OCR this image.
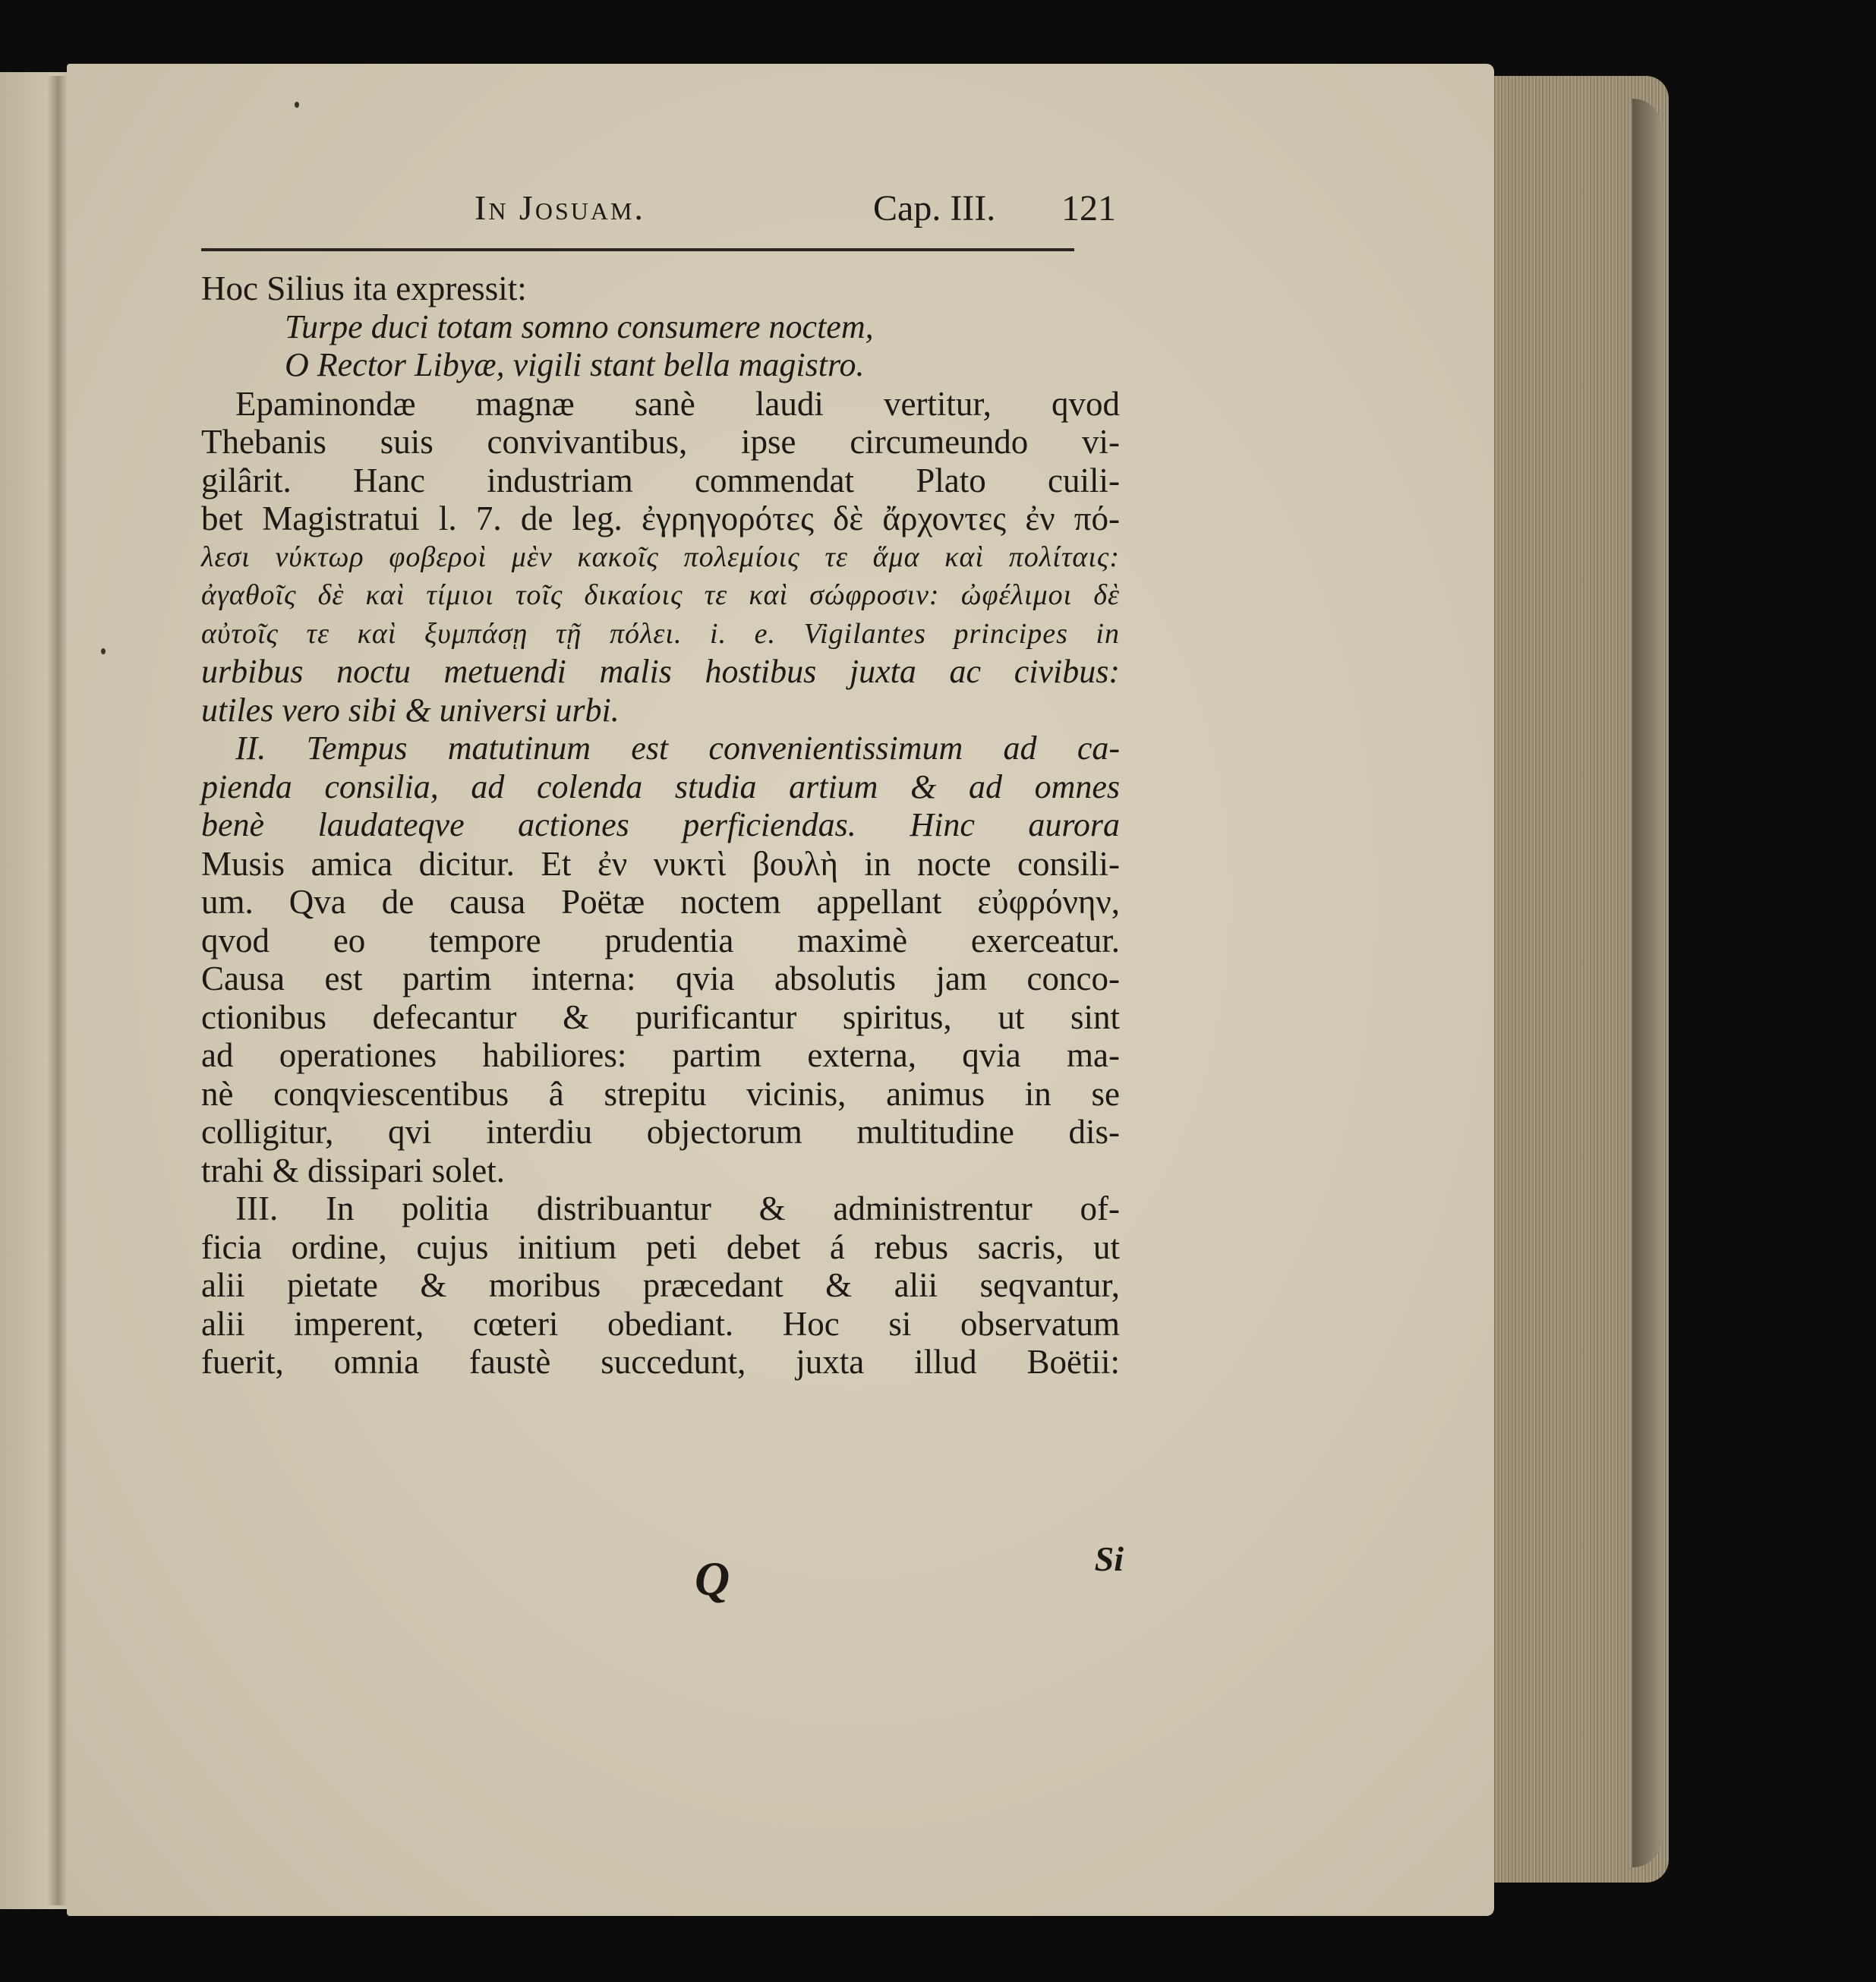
In Josuam.	Cap. III. 121
Hoc Silius ita expressit:
Turpe duci totam somno consumere noctem,
O Rector Libyæ, vigili stant bella magistro.
Epaminondæ magnæ sanè laudi vertitur, qvod
Thebanis suis convivantibus, ipse circumeundo vi-
gilârit. Hanc industriam commendat Plato cuili-
bet Magistratui l. 7. de leg. ἐγρηγορότες δὲ ἄρχοντες ἐν πό-
λεσι νύκτωρ φοβεροὶ μὲν κακοῖς πολεμίοις τε ἅμα καὶ πολίταις:
ἀγαθοῖς δὲ καὶ τίμιοι τοῖς δικαίοις τε καὶ σώφροσιν: ὠφέλιμοι δὲ
αὐτοῖς τε καὶ ξυμπάσῃ τῇ πόλει. i. e. Vigilantes principes in
urbibus noctu metuendi malis hostibus juxta ac civibus:
utiles vero sibi & universi urbi.
II. Tempus matutinum est convenientissimum ad ca-
pienda consilia, ad colenda studia artium & ad omnes
benè laudateqve actiones perficiendas. Hinc aurora
Musis amica dicitur. Et ἐν νυκτὶ βουλὴ in nocte consili-
um. Qva de causa Poëtæ noctem appellant εὐφρόνην,
qvod eo tempore prudentia maximè exerceatur.
Causa est partim interna: qvia absolutis jam conco-
ctionibus defecantur & purificantur spiritus, ut sint
ad operationes habiliores: partim externa, qvia ma-
nè conqviescentibus â strepitu vicinis, animus in se
colligitur, qvi interdiu objectorum multitudine dis-
trahi & dissipari solet.
III. In politia distribuantur & administrentur of-
ficia ordine, cujus initium peti debet á rebus sacris, ut
alii pietate & moribus præcedant & alii seqvantur,
alii imperent, cœteri obediant. Hoc si observatum
fuerit, omnia faustè succedunt, juxta illud Boëtii:
Q	Si
